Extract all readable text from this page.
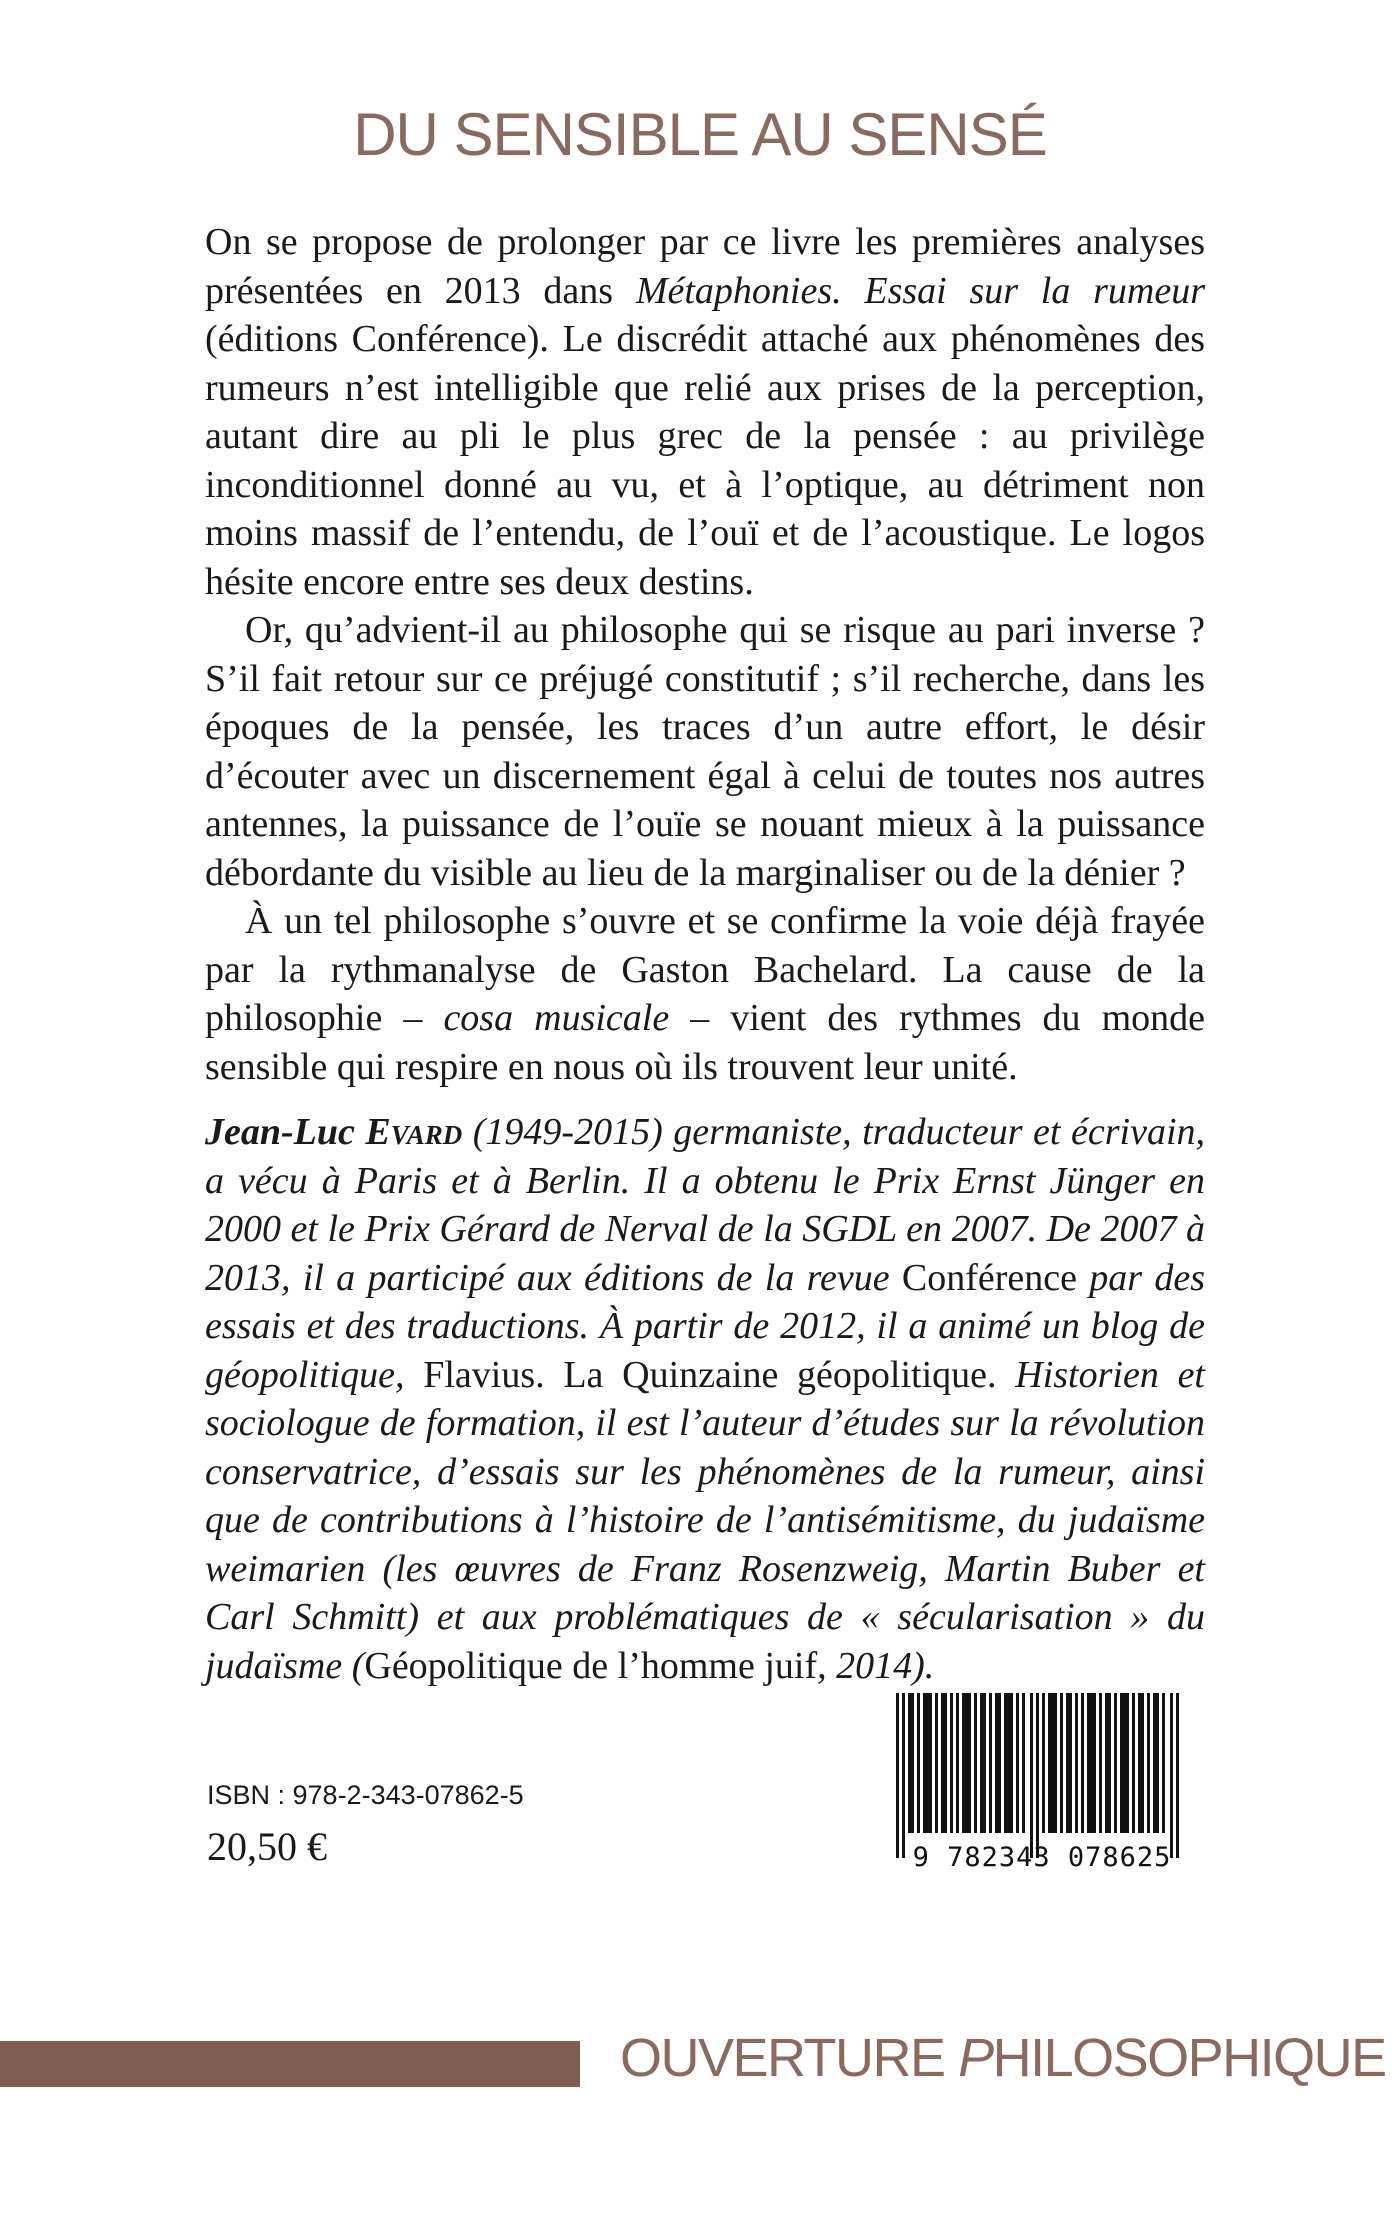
DU SENSIBLE AU SENSÉ

On se propose de prolonger par ce livre les premières analyses présentées en 2013 dans Métaphonies. Essai sur la rumeur (éditions Conférence). Le discrédit attaché aux phénomènes des rumeurs n’est intelligible que relié aux prises de la perception, autant dire au pli le plus grec de la pensée : au privilège inconditionnel donné au vu, et à l’optique, au détriment non moins massif de l’entendu, de l’ouï et de l’acoustique. Le logos hésite encore entre ses deux destins.

Or, qu’advient-il au philosophe qui se risque au pari inverse ? S’il fait retour sur ce préjugé constitutif ; s’il recherche, dans les époques de la pensée, les traces d’un autre effort, le désir d’écouter avec un discernement égal à celui de toutes nos autres antennes, la puissance de l’ouïe se nouant mieux à la puissance débordante du visible au lieu de la marginaliser ou de la dénier ?

À un tel philosophe s’ouvre et se confirme la voie déjà frayée par la rythmanalyse de Gaston Bachelard. La cause de la philosophie – cosa musicale – vient des rythmes du monde sensible qui respire en nous où ils trouvent leur unité.

Jean-Luc Evard (1949-2015) germaniste, traducteur et écrivain, a vécu à Paris et à Berlin. Il a obtenu le Prix Ernst Jünger en 2000 et le Prix Gérard de Nerval de la SGDL en 2007. De 2007 à 2013, il a participé aux éditions de la revue Conférence par des essais et des traductions. À partir de 2012, il a animé un blog de géopolitique, Flavius. La Quinzaine géopolitique. Historien et sociologue de formation, il est l’auteur d’études sur la révolution conservatrice, d’essais sur les phénomènes de la rumeur, ainsi que de contributions à l’histoire de l’antisémitisme, du judaïsme weimarien (les œuvres de Franz Rosenzweig, Martin Buber et Carl Schmitt) et aux problématiques de « sécularisation » du judaïsme (Géopolitique de l’homme juif, 2014).

ISBN : 978-2-343-07862-5

20,50 €	9 782343 078625

OUVERTURE PHILOSOPHIQUE
